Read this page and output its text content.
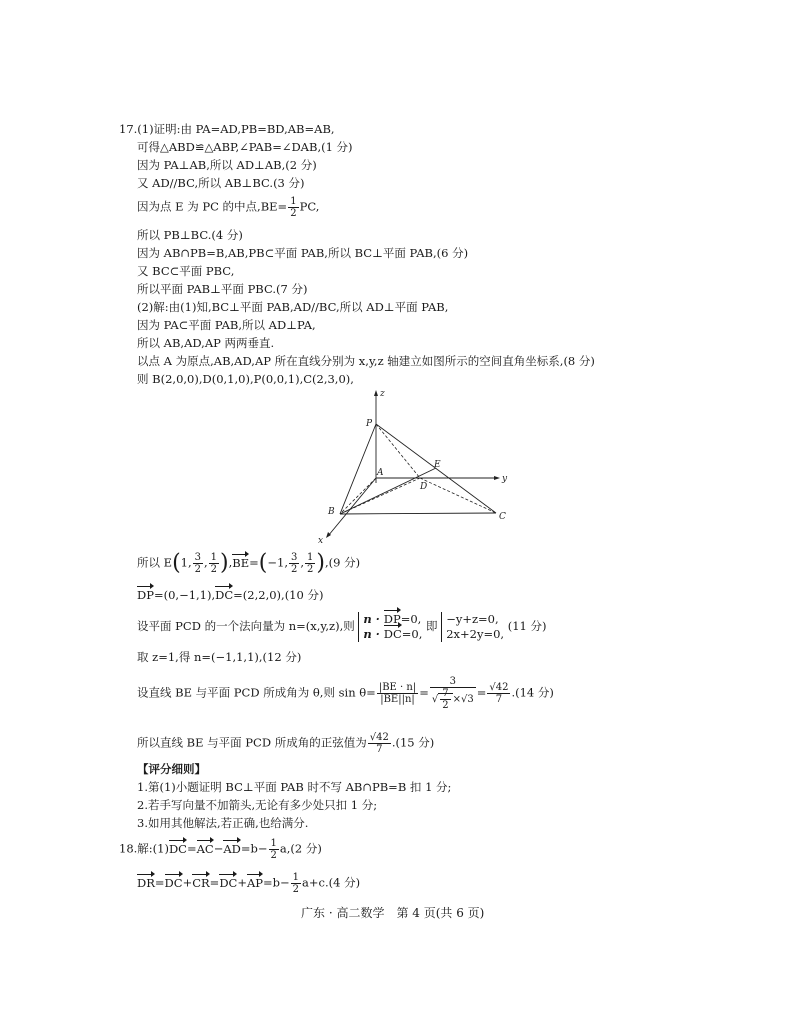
17.(1)证明:由 PA=AD,PB=BD,AB=AB,
可得△ABD≌△ABP,∠PAB=∠DAB,(1 分)
因为 PA⊥AB,所以 AD⊥AB,(2 分)
又 AD//BC,所以 AB⊥BC.(3 分)
因为点 E 为 PC 的中点$,BE= \frac{1}{2}$ PC,
所以 PB⊥BC.(4 分)
因为 AB∩PB=B,AB,PB⊂平面 PAB,所以 BC⊥平面 PAB,(6 分)
又 BC⊂平面 PBC,
所以平面 PAB⊥平面 PBC.(7 分)
(2)解:由(1)知,BC⊥平面 PAB,AD//BC,所以 AD⊥平面 PAB,
因为 PA⊂平面 PAB,所以 AD⊥PA,
所以 AB,AD,AP 两两垂直.
以点 A 为原点,AB,AD,AP 所在直线分别为 x,y,z 轴建立如图所示的空间直角坐标系,(8 分)
则 B(2,0,0),D(0,1,0),P(0,0,1),C(2,3,0),
z
y
x
P
A
E
D
B	C
所以 E(1, $\frac{3}{2}$ , $\frac{1}{2} ),BE=(-1$, $\frac{3}{2}$ , $\frac{1}{2} ),(9$ 分)
DP=(0,−1,1),DC=(2,2,0),(10 分)
设平面 PCD 的一个法向量为 n=(x,y,z),则 n · DP=0,
n · DC=0, 即 −y+z=0,
2x+2y=0, (11 分)
取 z=1,得 n=(−1,1,1),(12 分)
设直线 BE 与平面 PCD 所成角为 θ,则 $\sin \theta= \frac{|BE \cdot n|}{|BE||n|} = \frac{3}{√ \frac{7}{2} \times√3} = \frac{√42}{7} .(14$ 分)
所以直线 BE 与平面 PCD 所成角的正弦值为 $\frac{√42}{7} .(15$ 分)
【评分细则】
1.第(1)小题证明 BC⊥平面 PAB 时不写 AB∩PB=B 扣 1 分;
2.若手写向量不加箭头,无论有多少处只扣 1 分;
3.如用其他解法,若正确,也给满分.
18.解:(1)DC=AC−AD=b− $\frac{1}{2} a,(2$ 分)
$DR=DC+CR=DC+AP=b- \frac{1}{2} a+c.(4$ 分)
广东 · 高二数学　第 4 页(共 6 页)
